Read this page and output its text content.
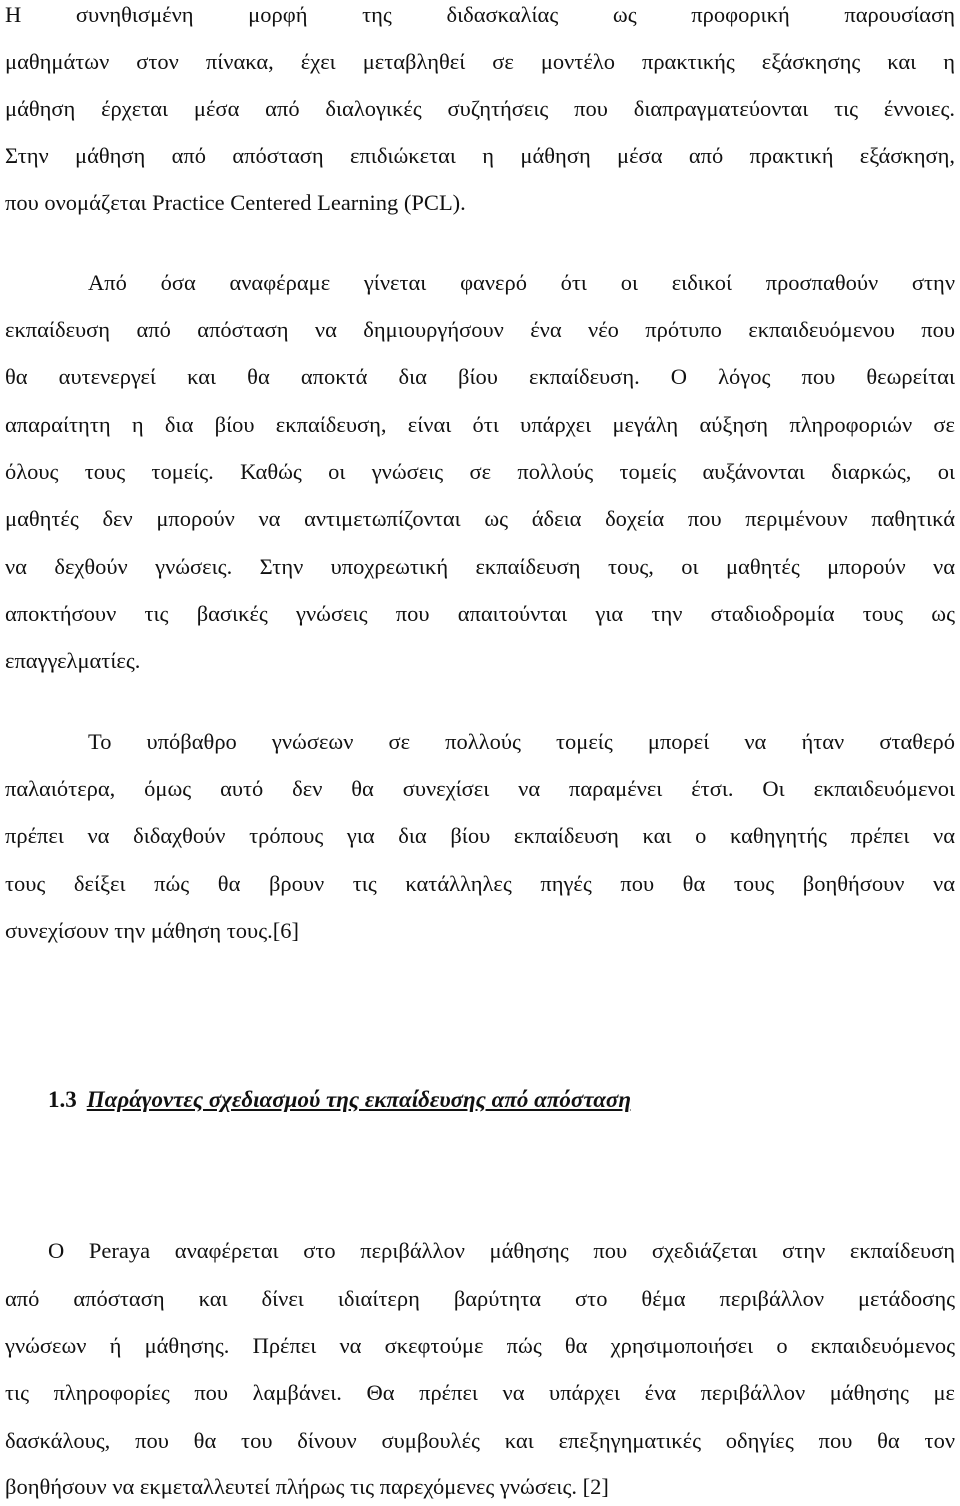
Η συνηθισμένη μορφή της διδασκαλίας ως προφορική παρουσίαση
μαθημάτων στον πίνακα, έχει μεταβληθεί σε μοντέλο πρακτικής εξάσκησης και η
μάθηση έρχεται μέσα από διαλογικές συζητήσεις που διαπραγματεύονται τις έννοιες.
Στην μάθηση από απόσταση επιδιώκεται η μάθηση μέσα από πρακτική εξάσκηση,
που ονομάζεται Practice Centered Learning (PCL).
Από όσα αναφέραμε γίνεται φανερό ότι οι ειδικοί προσπαθούν στην
εκπαίδευση από απόσταση να δημιουργήσουν ένα νέο πρότυπο εκπαιδευόμενου που
θα αυτενεργεί και θα αποκτά δια βίου εκπαίδευση. Ο λόγος που θεωρείται
απαραίτητη η δια βίου εκπαίδευση, είναι ότι υπάρχει μεγάλη αύξηση πληροφοριών σε
όλους τους τομείς. Καθώς οι γνώσεις σε πολλούς τομείς αυξάνονται διαρκώς, οι
μαθητές δεν μπορούν να αντιμετωπίζονται ως άδεια δοχεία που περιμένουν παθητικά
να δεχθούν γνώσεις. Στην υποχρεωτική εκπαίδευση τους, οι μαθητές μπορούν να
αποκτήσουν τις βασικές γνώσεις που απαιτούνται για την σταδιοδρομία τους ως
επαγγελματίες.
Το υπόβαθρο γνώσεων σε πολλούς τομείς μπορεί να ήταν σταθερό
παλαιότερα, όμως αυτό δεν θα συνεχίσει να παραμένει έτσι. Οι εκπαιδευόμενοι
πρέπει να διδαχθούν τρόπους για δια βίου εκπαίδευση και ο καθηγητής πρέπει να
τους δείξει πώς θα βρουν τις κατάλληλες πηγές που θα τους βοηθήσουν να
συνεχίσουν την μάθηση τους.[6]
1.3 Παράγοντες σχεδιασμού της εκπαίδευσης από απόσταση
Ο Peraya αναφέρεται στο περιβάλλον μάθησης που σχεδιάζεται στην εκπαίδευση
από απόσταση και δίνει ιδιαίτερη βαρύτητα στο θέμα περιβάλλον μετάδοσης
γνώσεων ή μάθησης. Πρέπει να σκεφτούμε πώς θα χρησιμοποιήσει ο εκπαιδευόμενος
τις πληροφορίες που λαμβάνει. Θα πρέπει να υπάρχει ένα περιβάλλον μάθησης με
δασκάλους, που θα του δίνουν συμβουλές και επεξηγηματικές οδηγίες που θα τον
βοηθήσουν να εκμεταλλευτεί πλήρως τις παρεχόμενες γνώσεις. [2]
